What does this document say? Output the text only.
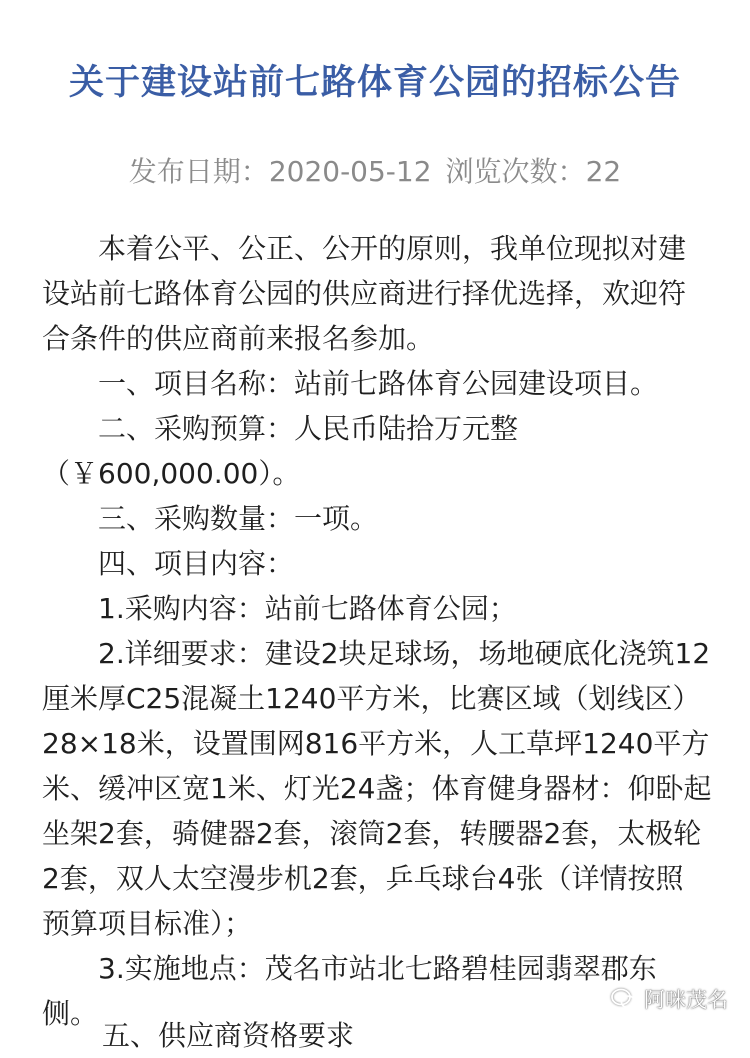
关于建设站前七路体育公园的招标公告
发布日期：2020-05-12 浏览次数：22
本着公平、公正、公开的原则，我单位现拟对建
设站前七路体育公园的供应商进行择优选择，欢迎符
合条件的供应商前来报名参加。
一、项目名称：站前七路体育公园建设项目。
二、采购预算：人民币陆拾万元整
（￥600,000.00）。
三、采购数量：一项。
四、项目内容：
1.采购内容：站前七路体育公园；
2.详细要求：建设2块足球场，场地硬底化浇筑12
厘米厚C25混凝土1240平方米，比赛区域（划线区）
28×18米，设置围网816平方米，人工草坪1240平方
米、缓冲区宽1米、灯光24盏；体育健身器材：仰卧起
坐架2套，骑健器2套，滚筒2套，转腰器2套，太极轮
2套，双人太空漫步机2套，乒乓球台4张（详情按照
预算项目标准）；
3.实施地点：茂名市站北七路碧桂园翡翠郡东
侧。
五、供应商资格要求
阿咪茂名
